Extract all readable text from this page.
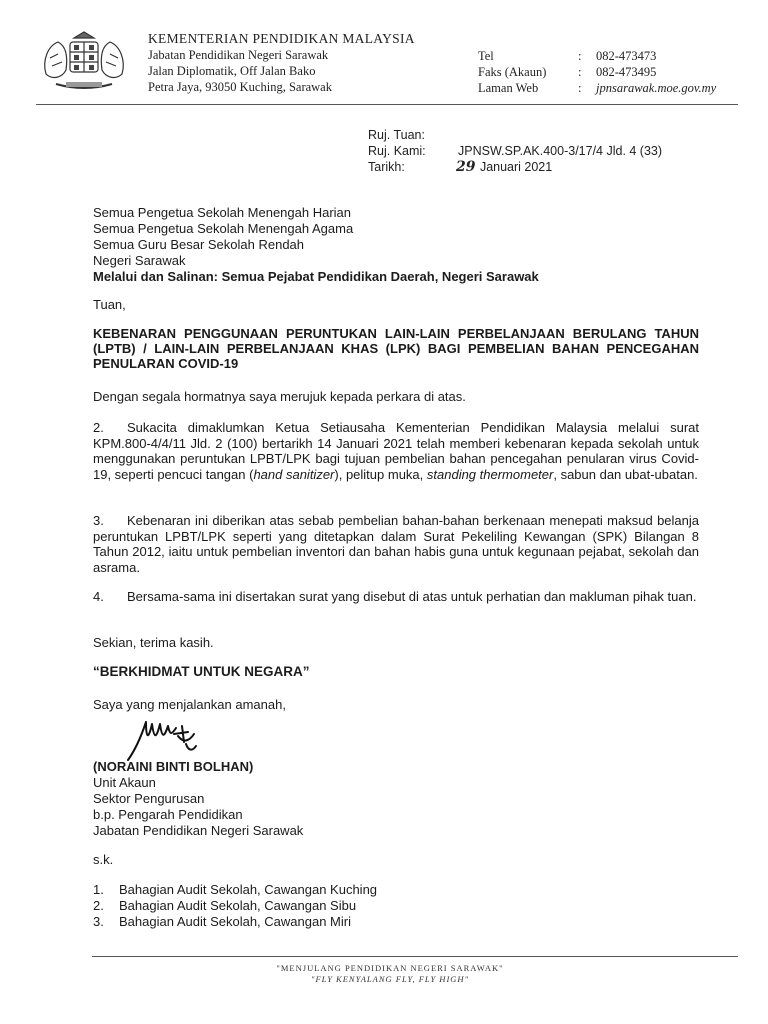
KEMENTERIAN PENDIDIKAN MALAYSIA
Jabatan Pendidikan Negeri Sarawak
Jalan Diplomatik, Off Jalan Bako
Petra Jaya, 93050 Kuching, Sarawak
Tel	: 082-473473
Faks (Akaun)	: 082-473495
Laman Web	: jpnsarawak.moe.gov.my
Ruj. Tuan:
Ruj. Kami:	JPNSW.SP.AK.400-3/17/4 Jld. 4 (33)
Tarikh:	29 Januari 2021
Semua Pengetua Sekolah Menengah Harian
Semua Pengetua Sekolah Menengah Agama
Semua Guru Besar Sekolah Rendah
Negeri Sarawak
Melalui dan Salinan: Semua Pejabat Pendidikan Daerah, Negeri Sarawak
Tuan,
KEBENARAN PENGGUNAAN PERUNTUKAN LAIN-LAIN PERBELANJAAN BERULANG TAHUN (LPTB) / LAIN-LAIN PERBELANJAAN KHAS (LPK) BAGI PEMBELIAN BAHAN PENCEGAHAN PENULARAN COVID-19
Dengan segala hormatnya saya merujuk kepada perkara di atas.
2. Sukacita dimaklumkan Ketua Setiausaha Kementerian Pendidikan Malaysia melalui surat KPM.800-4/4/11 Jld. 2 (100) bertarikh 14 Januari 2021 telah memberi kebenaran kepada sekolah untuk menggunakan peruntukan LPBT/LPK bagi tujuan pembelian bahan pencegahan penularan virus Covid-19, seperti pencuci tangan (hand sanitizer), pelitup muka, standing thermometer, sabun dan ubat-ubatan.
3. Kebenaran ini diberikan atas sebab pembelian bahan-bahan berkenaan menepati maksud belanja peruntukan LPBT/LPK seperti yang ditetapkan dalam Surat Pekeliling Kewangan (SPK) Bilangan 8 Tahun 2012, iaitu untuk pembelian inventori dan bahan habis guna untuk kegunaan pejabat, sekolah dan asrama.
4. Bersama-sama ini disertakan surat yang disebut di atas untuk perhatian dan makluman pihak tuan.
Sekian, terima kasih.
“BERKHIDMAT UNTUK NEGARA”
Saya yang menjalankan amanah,
(NORAINI BINTI BOLHAN)
Unit Akaun
Sektor Pengurusan
b.p. Pengarah Pendidikan
Jabatan Pendidikan Negeri Sarawak
s.k.
1. Bahagian Audit Sekolah, Cawangan Kuching
2. Bahagian Audit Sekolah, Cawangan Sibu
3. Bahagian Audit Sekolah, Cawangan Miri
"MENJULANG PENDIDIKAN NEGERI SARAWAK"
"FLY KENYALANG FLY, FLY HIGH"
